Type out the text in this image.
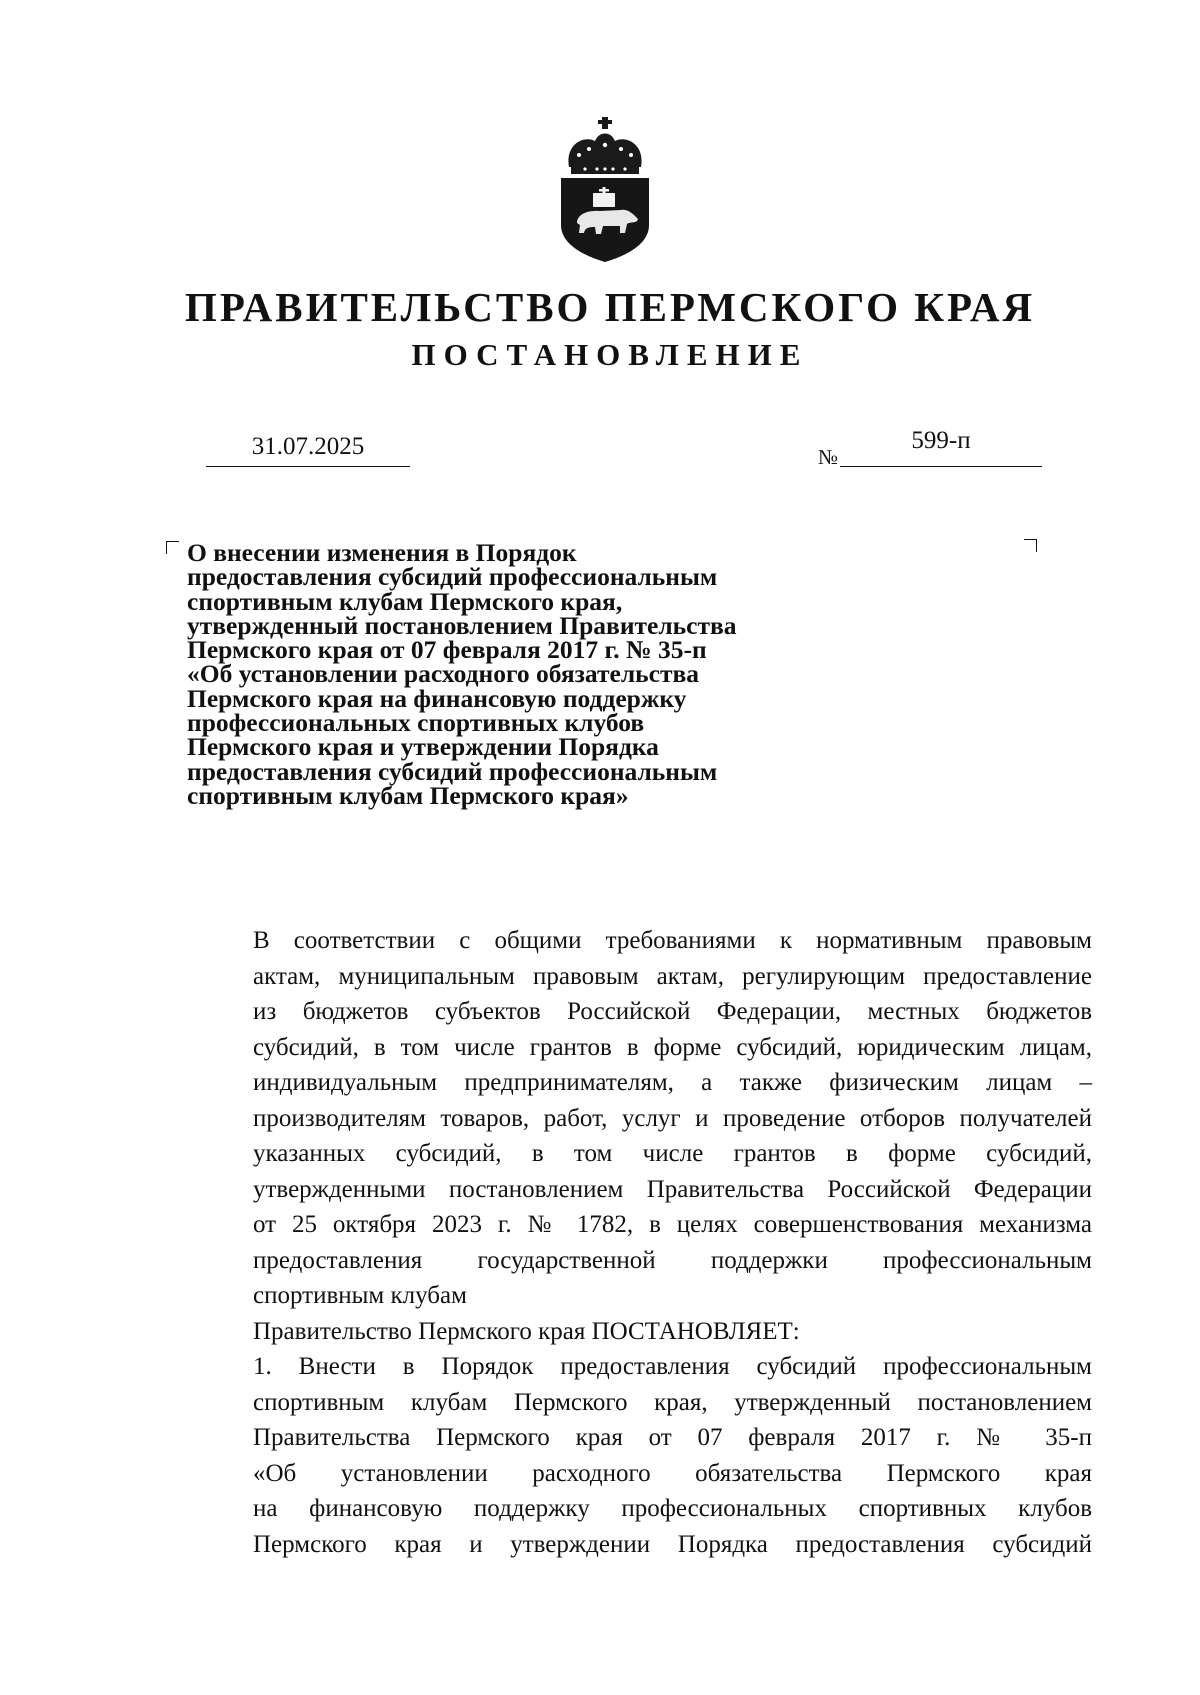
ПРАВИТЕЛЬСТВО ПЕРМСКОГО КРАЯ
ПОСТАНОВЛЕНИЕ
31.07.2025	№
599-п
О внесении изменения в Порядок
предоставления субсидий профессиональным
спортивным клубам Пермского края,
утвержденный постановлением Правительства
Пермского края от 07 февраля 2017 г. № 35-п
«Об установлении расходного обязательства
Пермского края на финансовую поддержку
профессиональных спортивных клубов
Пермского края и утверждении Порядка
предоставления субсидий профессиональным
спортивным клубам Пермского края»

В соответствии с общими требованиями к нормативным правовым
актам, муниципальным правовым актам, регулирующим предоставление
из бюджетов субъектов Российской Федерации, местных бюджетов
субсидий, в том числе грантов в форме субсидий, юридическим лицам,
индивидуальным предпринимателям, а также физическим лицам –
производителям товаров, работ, услуг и проведение отборов получателей
указанных субсидий, в том числе грантов в форме субсидий,
утвержденными постановлением Правительства Российской Федерации
от 25 октября 2023 г. № 1782, в целях совершенствования механизма
предоставления государственной поддержки профессиональным
спортивным клубам

Правительство Пермского края ПОСТАНОВЛЯЕТ:

1. Внести в Порядок предоставления субсидий профессиональным
спортивным клубам Пермского края, утвержденный постановлением
Правительства Пермского края от 07 февраля 2017 г. № 35-п
«Об установлении расходного обязательства Пермского края
на финансовую поддержку профессиональных спортивных клубов
Пермского края и утверждении Порядка предоставления субсидий
